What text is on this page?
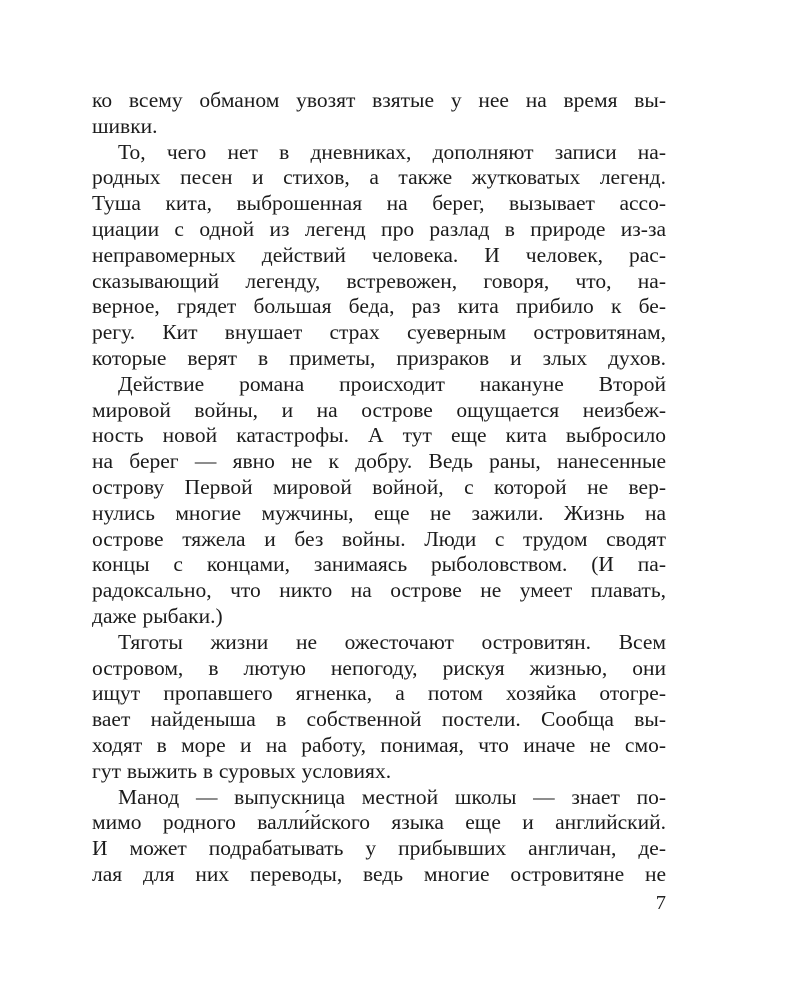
ко всему обманом увозят взятые у нее на время вы-
шивки.
То, чего нет в дневниках, дополняют записи на-
родных песен и стихов, а также жутковатых легенд.
Туша кита, выброшенная на берег, вызывает ассо-
циации с одной из легенд про разлад в природе из-за
неправомерных действий человека. И человек, рас-
сказывающий легенду, встревожен, говоря, что, на-
верное, грядет большая беда, раз кита прибило к бе-
регу. Кит внушает страх суеверным островитянам,
которые верят в приметы, призраков и злых духов.
Действие романа происходит накануне Второй
мировой войны, и на острове ощущается неизбеж-
ность новой катастрофы. А тут еще кита выбросило
на берег — явно не к добру. Ведь раны, нанесенные
острову Первой мировой войной, с которой не вер-
нулись многие мужчины, еще не зажили. Жизнь на
острове тяжела и без войны. Люди с трудом сводят
концы с концами, занимаясь рыболовством. (И па-
радоксально, что никто на острове не умеет плавать,
даже рыбаки.)
Тяготы жизни не ожесточают островитян. Всем
островом, в лютую непогоду, рискуя жизнью, они
ищут пропавшего ягненка, а потом хозяйка отогре-
вает найденыша в собственной постели. Сообща вы-
ходят в море и на работу, понимая, что иначе не смо-
гут выжить в суровых условиях.
Манод — выпускница местной школы — знает по-
мимо родного валли́йского языка еще и английский.
И может подрабатывать у прибывших англичан, де-
лая для них переводы, ведь многие островитяне не
7
